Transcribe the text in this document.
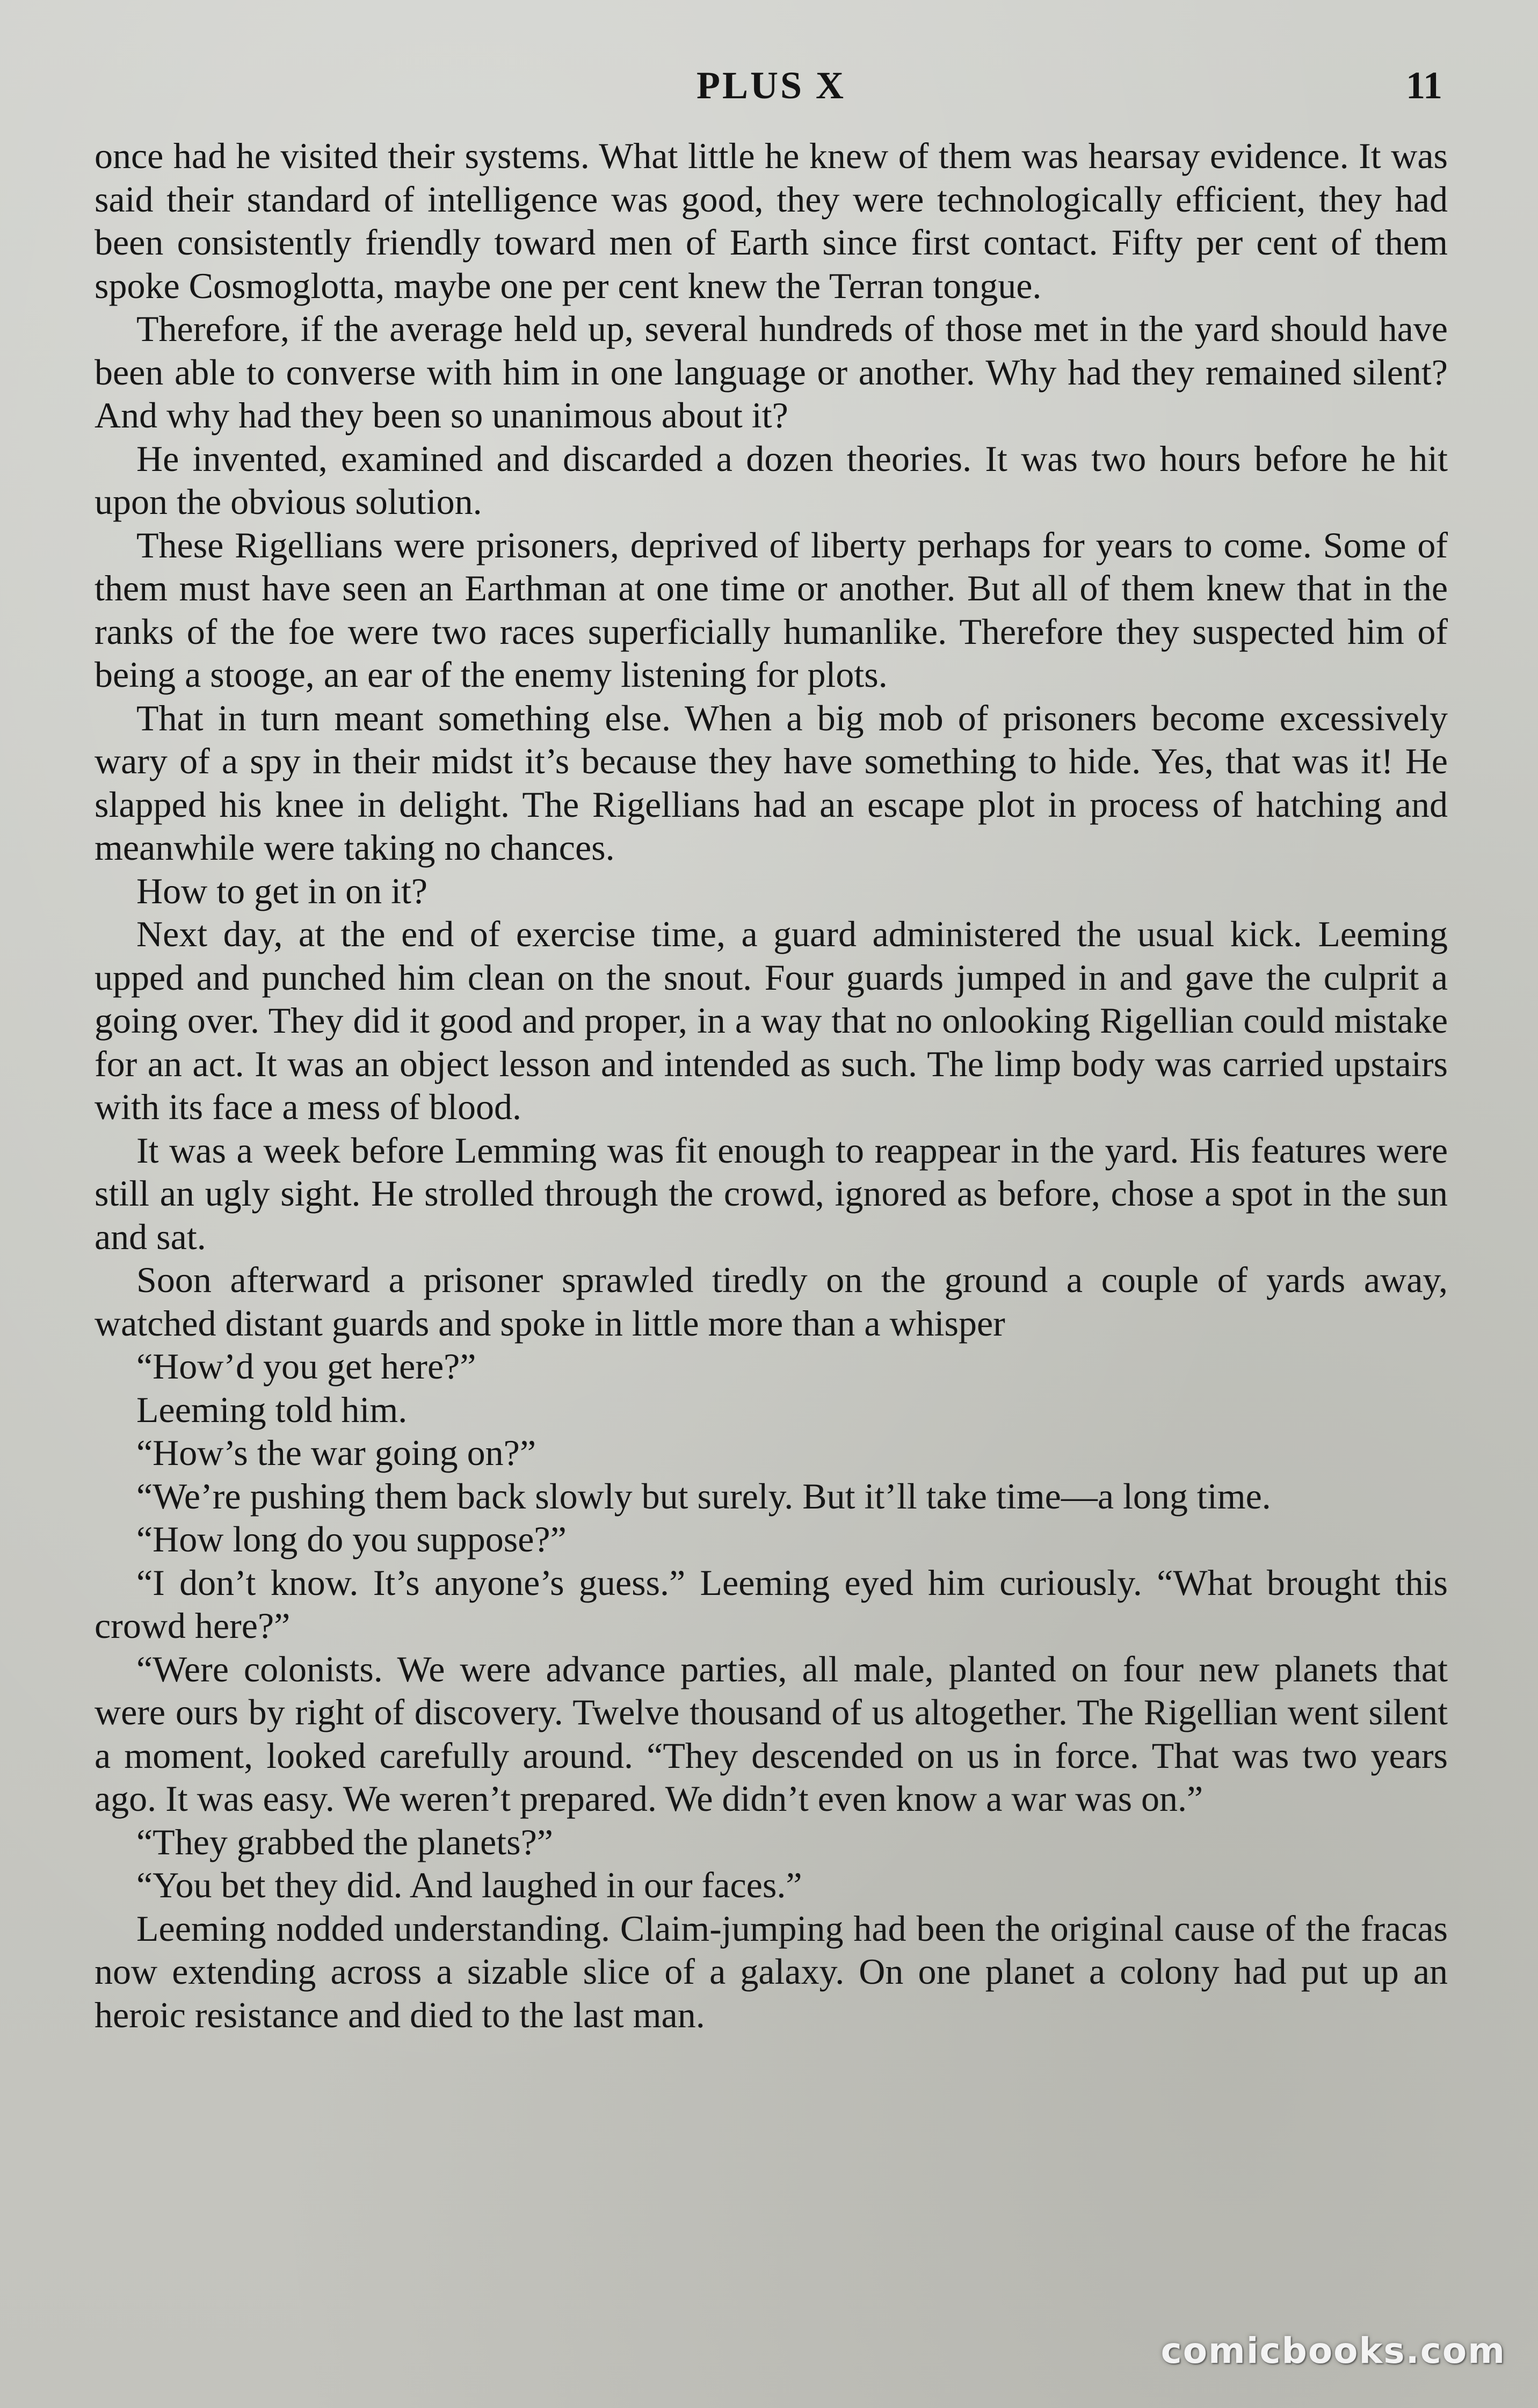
PLUS X	11

once had he visited their systems. What little he knew of them was hearsay evidence. It was said their standard of intelligence was good, they were technologically efficient, they had been consistently friendly toward men of Earth since first contact. Fifty per cent of them spoke Cosmoglotta, maybe one per cent knew the Terran tongue.

Therefore, if the average held up, several hundreds of those met in the yard should have been able to converse with him in one language or another. Why had they remained silent? And why had they been so unanimous about it?

He invented, examined and discarded a dozen theories. It was two hours before he hit upon the obvious solution.

These Rigellians were prisoners, deprived of liberty perhaps for years to come. Some of them must have seen an Earthman at one time or another. But all of them knew that in the ranks of the foe were two races superficially humanlike. Therefore they suspected him of being a stooge, an ear of the enemy listening for plots.

That in turn meant something else. When a big mob of prisoners become excessively wary of a spy in their midst it’s because they have something to hide. Yes, that was it! He slapped his knee in delight. The Rigellians had an escape plot in process of hatching and meanwhile were taking no chances.

How to get in on it?

Next day, at the end of exercise time, a guard administered the usual kick. Leeming upped and punched him clean on the snout. Four guards jumped in and gave the culprit a going over. They did it good and proper, in a way that no onlooking Rigellian could mistake for an act. It was an object lesson and intended as such. The limp body was carried upstairs with its face a mess of blood.

It was a week before Lemming was fit enough to reappear in the yard. His features were still an ugly sight. He strolled through the crowd, ignored as before, chose a spot in the sun and sat.

Soon afterward a prisoner sprawled tiredly on the ground a couple of yards away, watched distant guards and spoke in little more than a whisper

“How’d you get here?”

Leeming told him.

“How’s the war going on?”

“We’re pushing them back slowly but surely. But it’ll take time—a long time.

“How long do you suppose?”

“I don’t know. It’s anyone’s guess.” Leeming eyed him curiously. “What brought this crowd here?”

“Were colonists. We were advance parties, all male, planted on four new planets that were ours by right of discovery. Twelve thousand of us altogether. The Rigellian went silent a moment, looked carefully around. “They descended on us in force. That was two years ago. It was easy. We weren’t prepared. We didn’t even know a war was on.”

“They grabbed the planets?”

“You bet they did. And laughed in our faces.”

Leeming nodded understanding. Claim-jumping had been the original cause of the fracas now extending across a sizable slice of a galaxy. On one planet a colony had put up an heroic resistance and died to the last man.

comicbooks.com
